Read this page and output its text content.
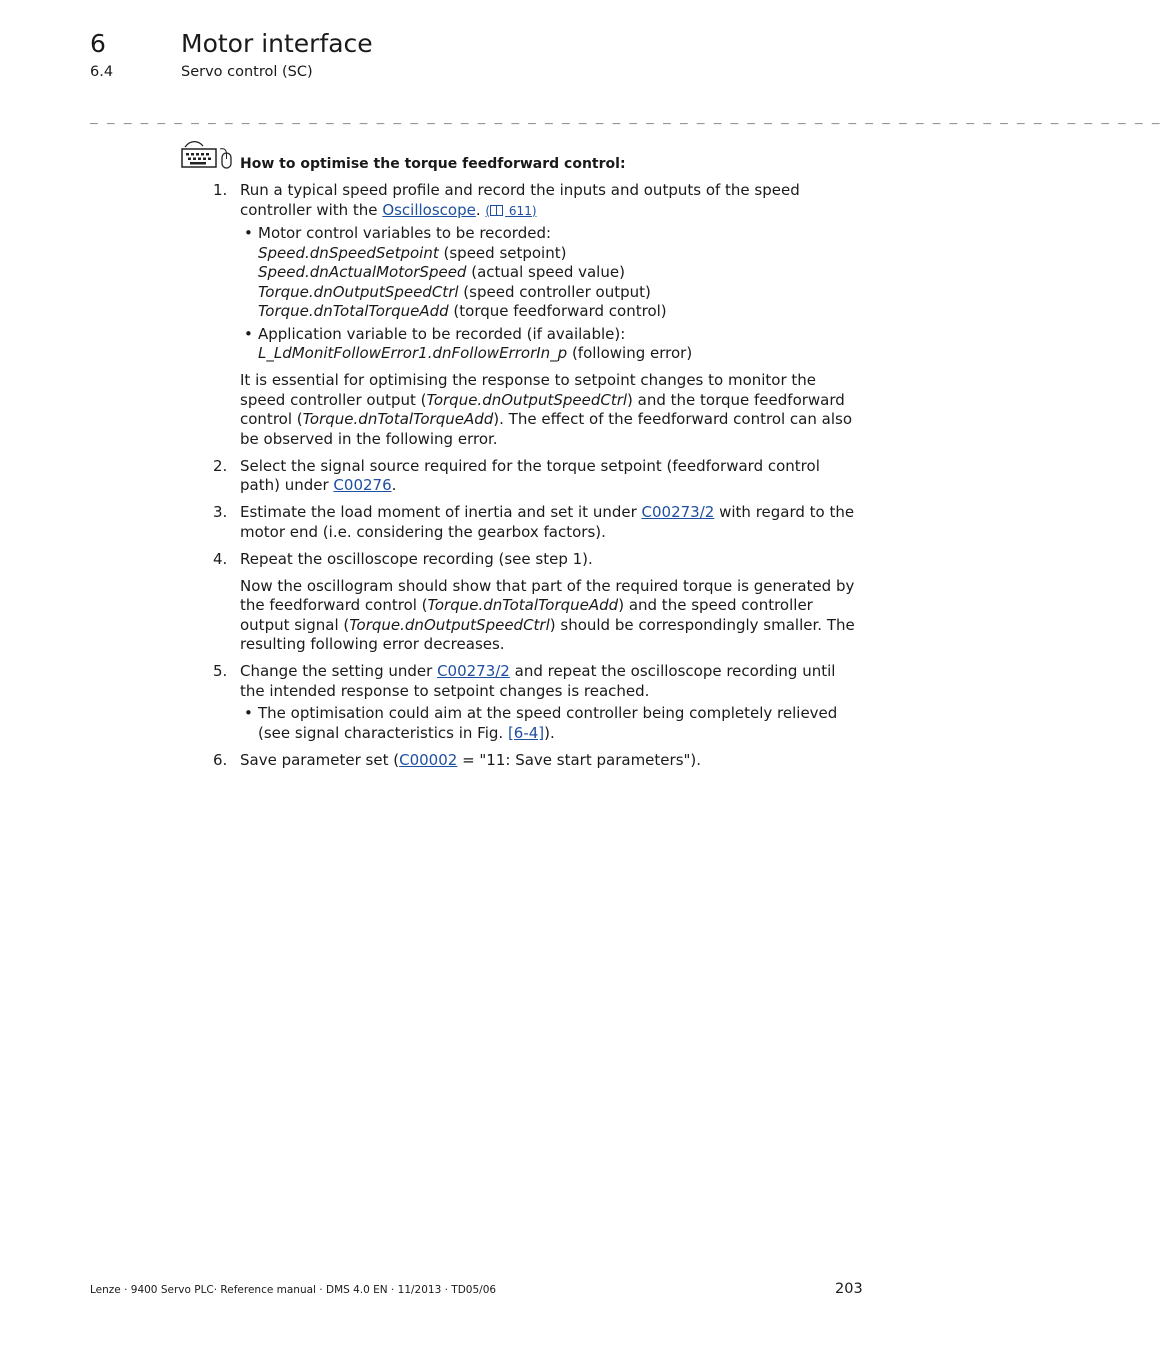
6	Motor interface
6.4	Servo control (SC)
_ _ _ _ _ _ _ _ _ _ _ _ _ _ _ _ _ _ _ _ _ _ _ _ _ _ _ _ _ _ _ _ _ _ _ _ _ _ _ _ _ _ _ _ _ _ _ _ _ _ _ _ _ _ _ _ _ _ _ _ _ _ _ _
How to optimise the torque feedforward control:
1. Run a typical speed profile and record the inputs and outputs of the speed controller with the Oscilloscope. ( 611)
• Motor control variables to be recorded:
Speed.dnSpeedSetpoint (speed setpoint)
Speed.dnActualMotorSpeed (actual speed value)
Torque.dnOutputSpeedCtrl (speed controller output)
Torque.dnTotalTorqueAdd (torque feedforward control)
• Application variable to be recorded (if available):
L_LdMonitFollowError1.dnFollowErrorIn_p (following error)
It is essential for optimising the response to setpoint changes to monitor the speed controller output (Torque.dnOutputSpeedCtrl) and the torque feedforward control (Torque.dnTotalTorqueAdd). The effect of the feedforward control can also be observed in the following error.
2. Select the signal source required for the torque setpoint (feedforward control path) under C00276.
3. Estimate the load moment of inertia and set it under C00273/2 with regard to the motor end (i.e. considering the gearbox factors).
4. Repeat the oscilloscope recording (see step 1).
Now the oscillogram should show that part of the required torque is generated by the feedforward control (Torque.dnTotalTorqueAdd) and the speed controller output signal (Torque.dnOutputSpeedCtrl) should be correspondingly smaller. The resulting following error decreases.
5. Change the setting under C00273/2 and repeat the oscilloscope recording until the intended response to setpoint changes is reached.
• The optimisation could aim at the speed controller being completely relieved (see signal characteristics in Fig. [6-4]).
6. Save parameter set (C00002 = "11: Save start parameters").
Lenze · 9400 Servo PLC· Reference manual · DMS 4.0 EN · 11/2013 · TD05/06	203
